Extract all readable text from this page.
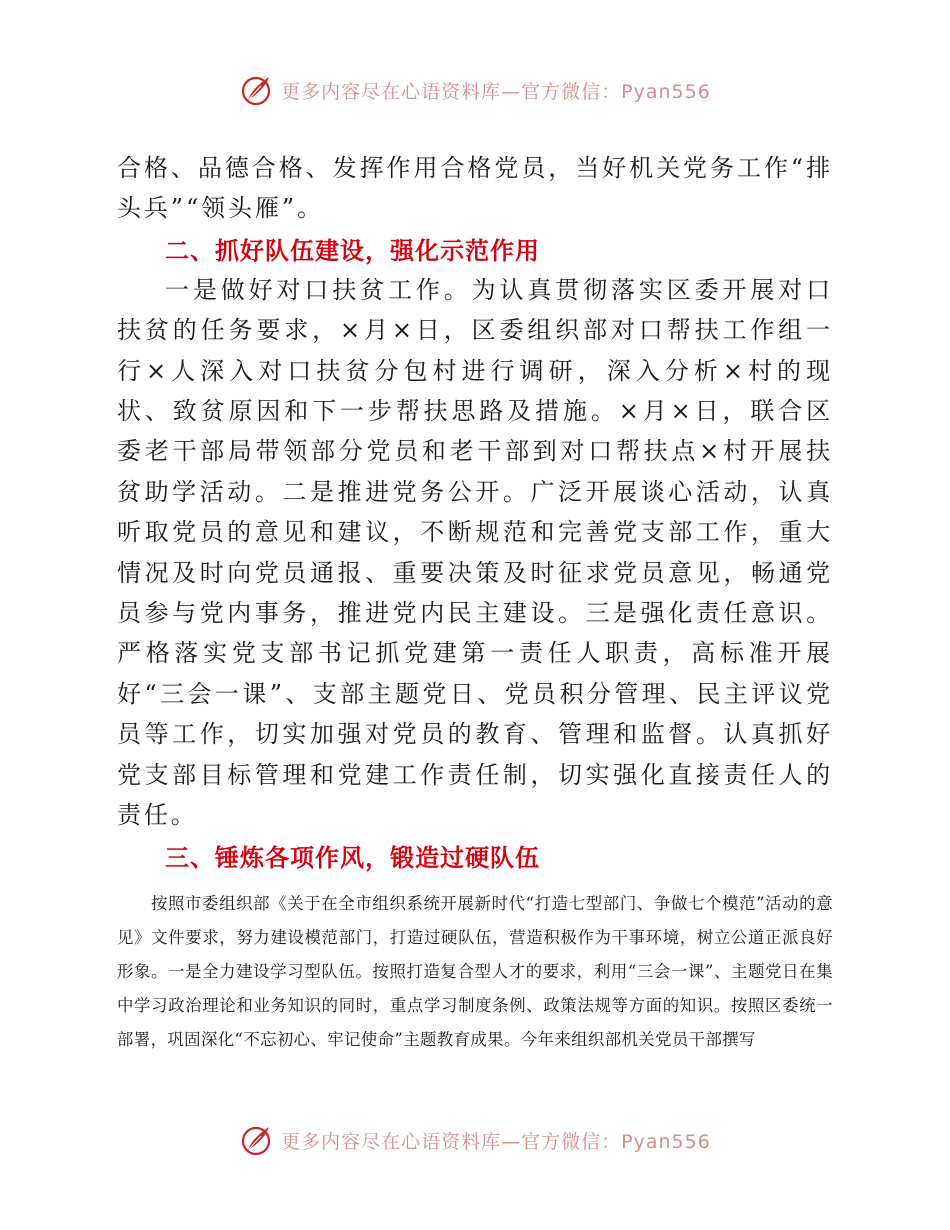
更多内容尽在心语资料库—官方微信：Pyan556

合格、品德合格、发挥作用合格党员，当好机关党务工作“排头兵”“领头雁”。

二、抓好队伍建设，强化示范作用

一是做好对口扶贫工作。为认真贯彻落实区委开展对口扶贫的任务要求，×月×日，区委组织部对口帮扶工作组一行×人深入对口扶贫分包村进行调研，深入分析×村的现状、致贫原因和下一步帮扶思路及措施。×月×日，联合区委老干部局带领部分党员和老干部到对口帮扶点×村开展扶贫助学活动。二是推进党务公开。广泛开展谈心活动，认真听取党员的意见和建议，不断规范和完善党支部工作，重大情况及时向党员通报、重要决策及时征求党员意见，畅通党员参与党内事务，推进党内民主建设。三是强化责任意识。严格落实党支部书记抓党建第一责任人职责，高标准开展好“三会一课”、支部主题党日、党员积分管理、民主评议党员等工作，切实加强对党员的教育、管理和监督。认真抓好党支部目标管理和党建工作责任制，切实强化直接责任人的责任。

三、锤炼各项作风，锻造过硬队伍

按照市委组织部《关于在全市组织系统开展新时代“打造七型部门、争做七个模范”活动的意见》文件要求，努力建设模范部门，打造过硬队伍，营造积极作为干事环境，树立公道正派良好形象。一是全力建设学习型队伍。按照打造复合型人才的要求，利用“三会一课”、主题党日在集中学习政治理论和业务知识的同时，重点学习制度条例、政策法规等方面的知识。按照区委统一部署，巩固深化“不忘初心、牢记使命”主题教育成果。今年来组织部机关党员干部撰写

更多内容尽在心语资料库—官方微信：Pyan556
